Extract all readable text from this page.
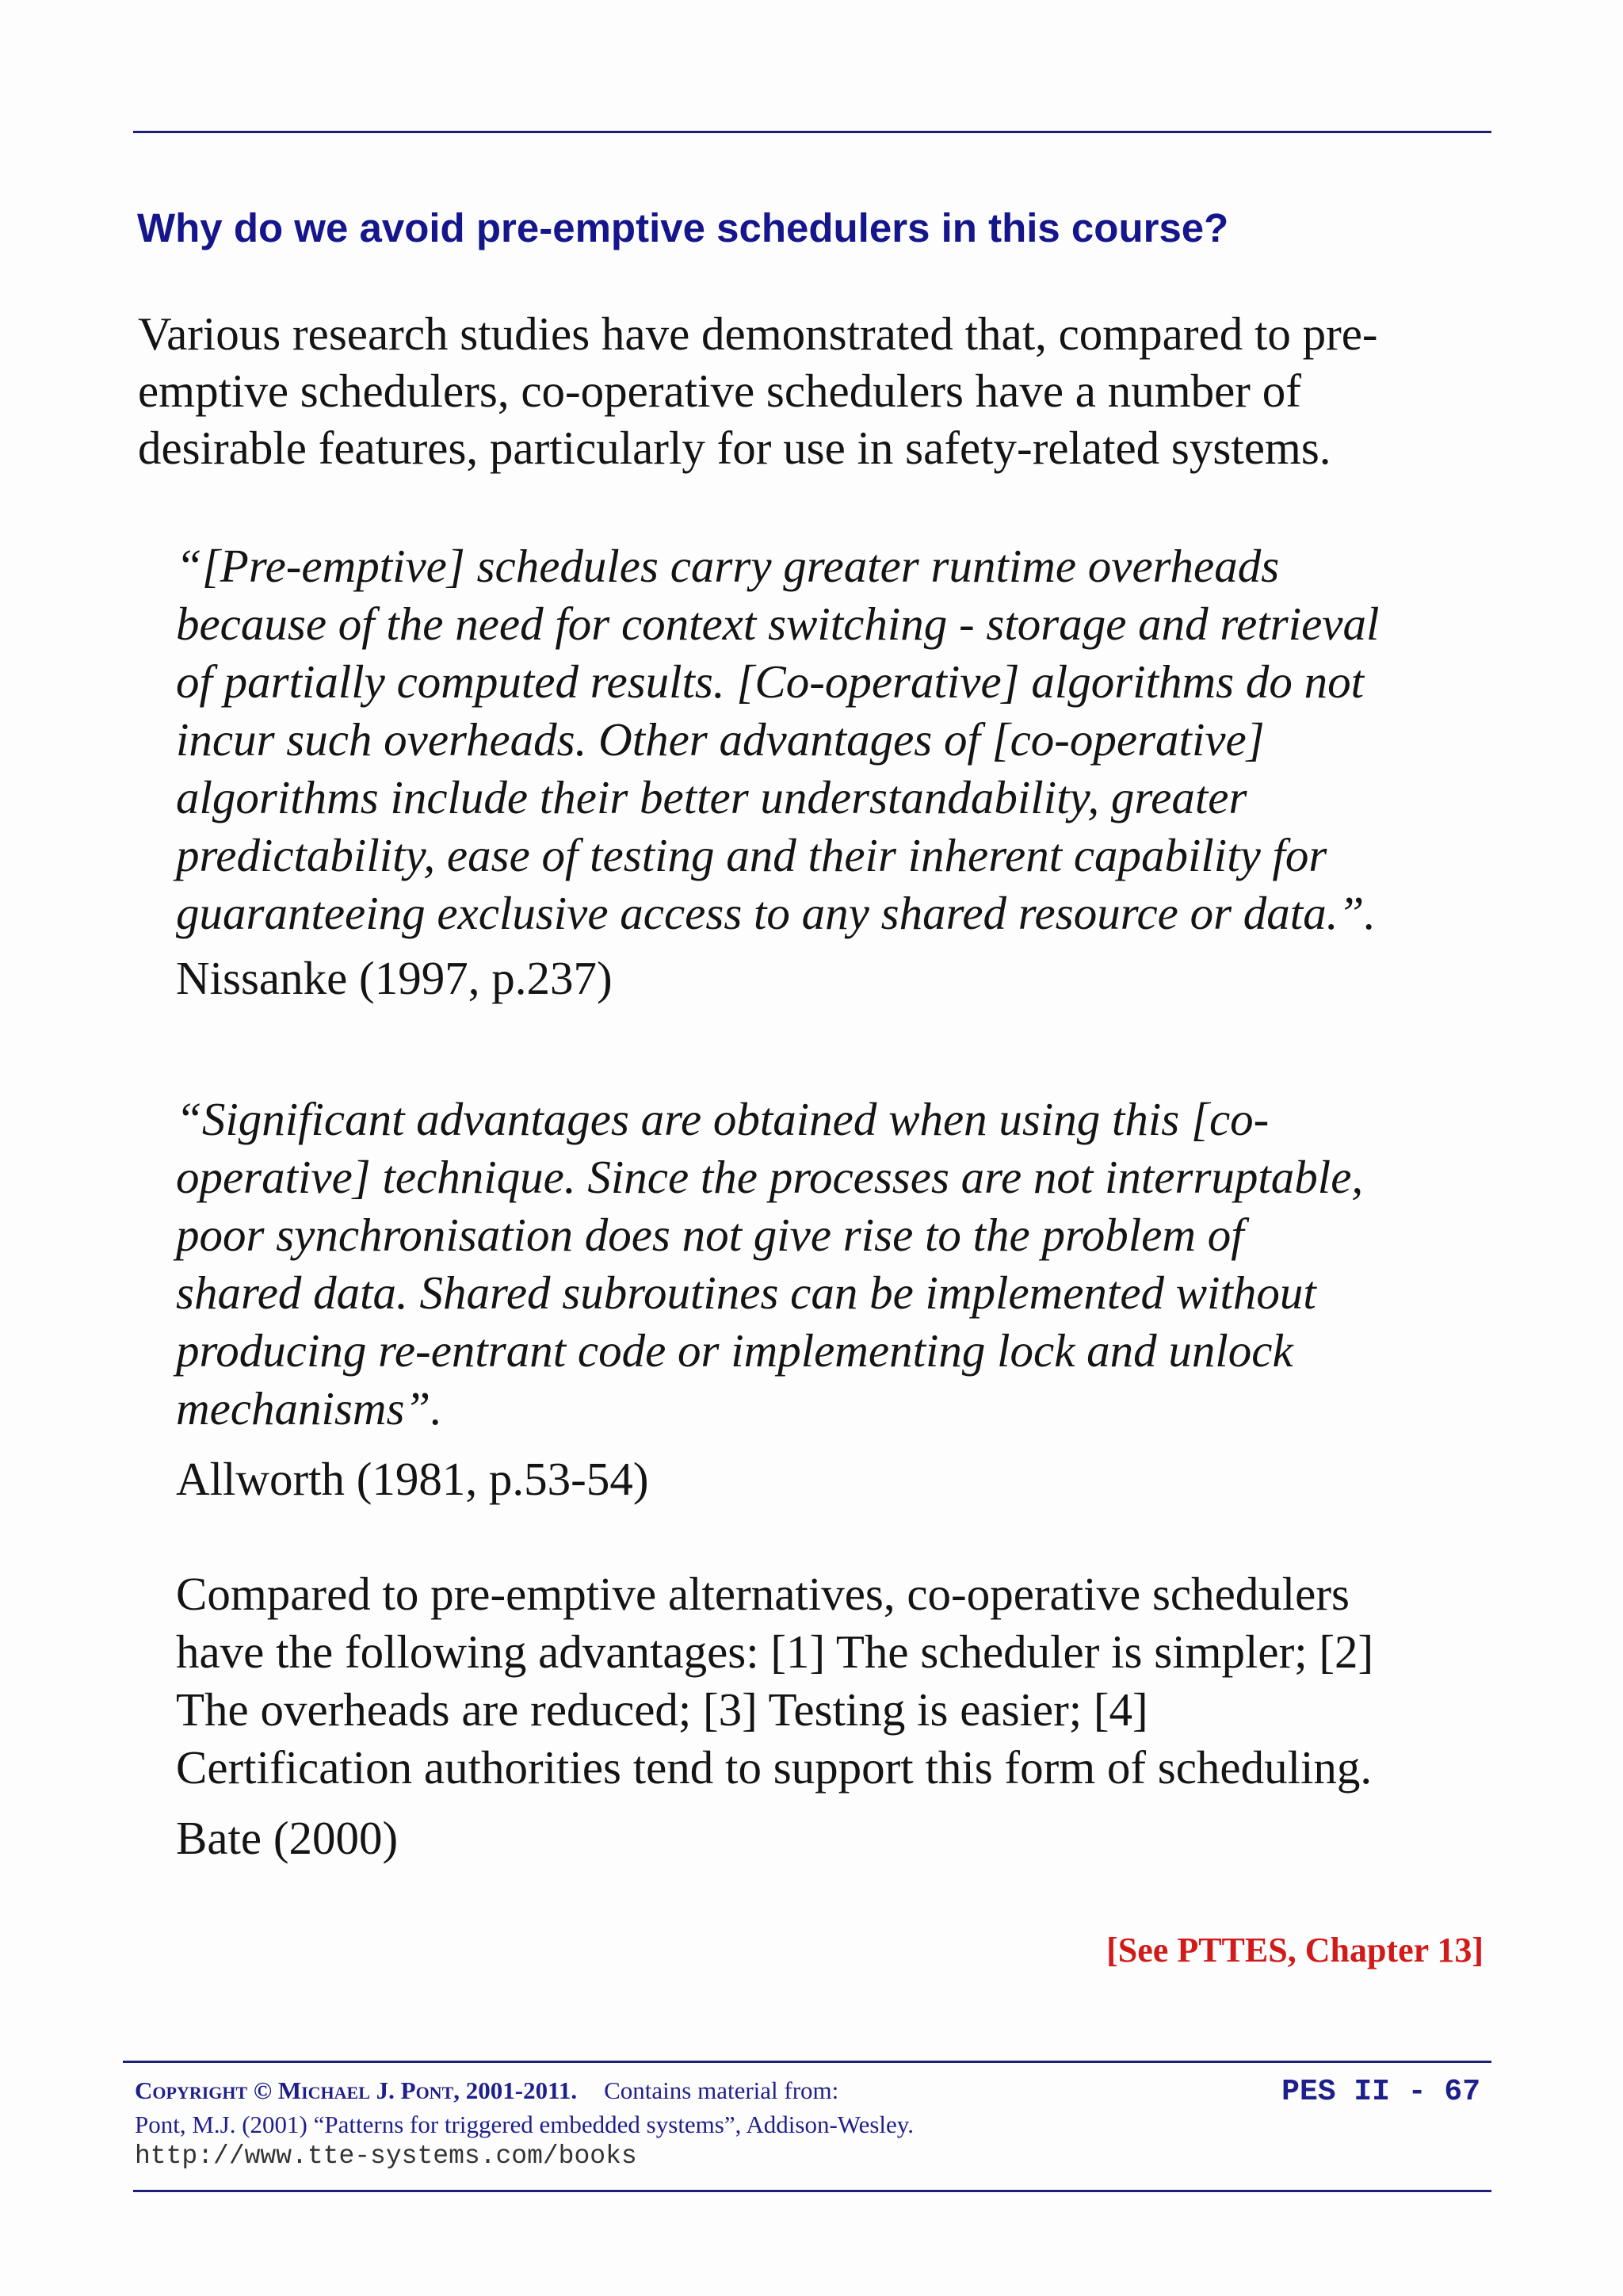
Why do we avoid pre-emptive schedulers in this course?

Various research studies have demonstrated that, compared to pre-
emptive schedulers, co-operative schedulers have a number of
desirable features, particularly for use in safety-related systems.

“[Pre-emptive] schedules carry greater runtime overheads
because of the need for context switching - storage and retrieval
of partially computed results. [Co-operative] algorithms do not
incur such overheads. Other advantages of [co-operative]
algorithms include their better understandability, greater
predictability, ease of testing and their inherent capability for
guaranteeing exclusive access to any shared resource or data.”.

Nissanke (1997, p.237)

“Significant advantages are obtained when using this [co-
operative] technique. Since the processes are not interruptable,
poor synchronisation does not give rise to the problem of
shared data. Shared subroutines can be implemented without
producing re-entrant code or implementing lock and unlock
mechanisms”.

Allworth (1981, p.53-54)

Compared to pre-emptive alternatives, co-operative schedulers
have the following advantages: [1] The scheduler is simpler; [2]
The overheads are reduced; [3] Testing is easier; [4]
Certification authorities tend to support this form of scheduling.

Bate (2000)
[See PTTES, Chapter 13]
Copyright © Michael J. Pont, 2001-2011. Contains material from:
Pont, M.J. (2001) “Patterns for triggered embedded systems”, Addison-Wesley.
http://www.tte-systems.com/books
PES II - 67
